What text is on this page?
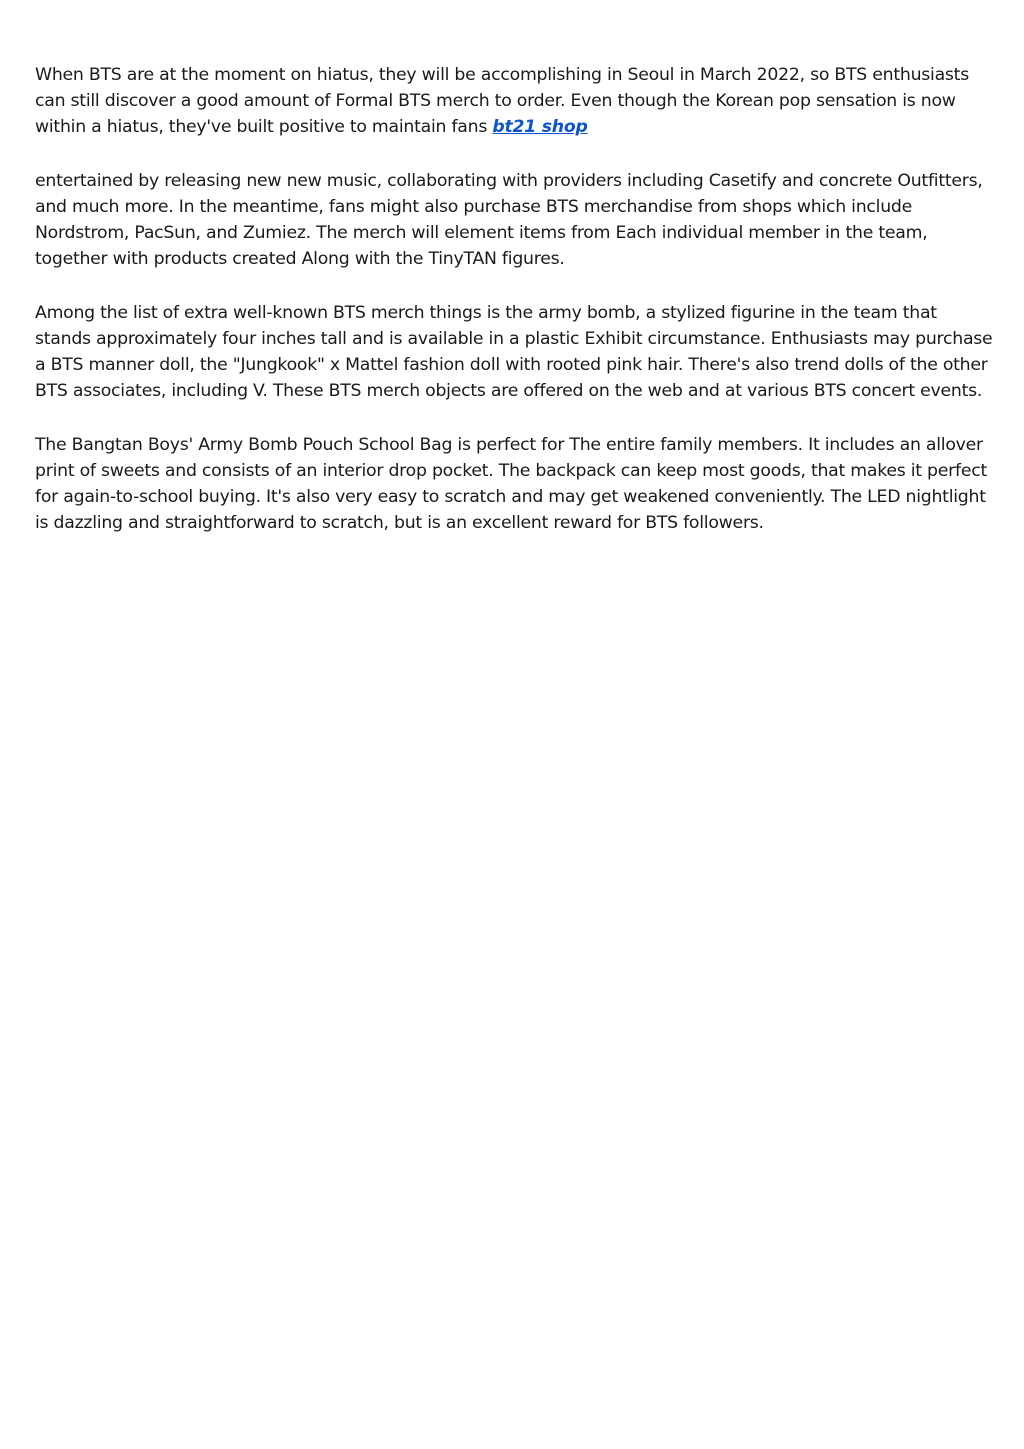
When BTS are at the moment on hiatus, they will be accomplishing in Seoul in March 2022, so BTS enthusiasts can still discover a good amount of Formal BTS merch to order. Even though the Korean pop sensation is now within a hiatus, they've built positive to maintain fans bt21 shop

entertained by releasing new new music, collaborating with providers including Casetify and concrete Outfitters, and much more. In the meantime, fans might also purchase BTS merchandise from shops which include Nordstrom, PacSun, and Zumiez. The merch will element items from Each individual member in the team, together with products created Along with the TinyTAN figures.

Among the list of extra well-known BTS merch things is the army bomb, a stylized figurine in the team that stands approximately four inches tall and is available in a plastic Exhibit circumstance. Enthusiasts may purchase a BTS manner doll, the "Jungkook" x Mattel fashion doll with rooted pink hair. There's also trend dolls of the other BTS associates, including V. These BTS merch objects are offered on the web and at various BTS concert events.

The Bangtan Boys' Army Bomb Pouch School Bag is perfect for The entire family members. It includes an allover print of sweets and consists of an interior drop pocket. The backpack can keep most goods, that makes it perfect for again-to-school buying. It's also very easy to scratch and may get weakened conveniently. The LED nightlight is dazzling and straightforward to scratch, but is an excellent reward for BTS followers.
